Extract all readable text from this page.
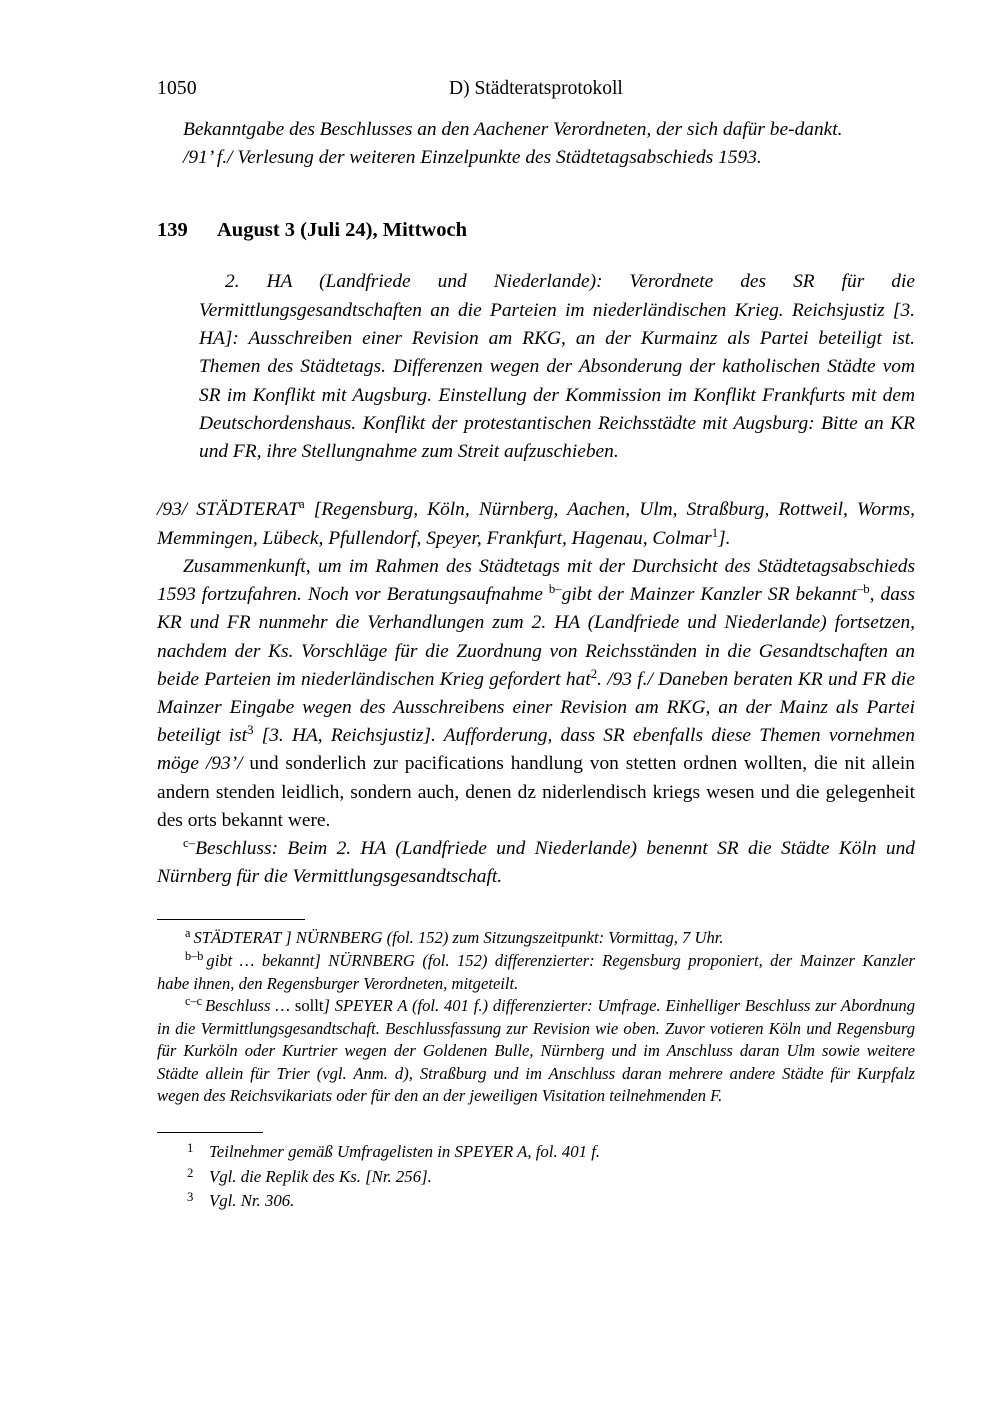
1050	D) Städteratsprotokoll

Bekanntgabe des Beschlusses an den Aachener Verordneten, der sich dafür be-dankt.

/91’ f./ Verlesung der weiteren Einzelpunkte des Städtetagsabschieds 1593.

139 August 3 (Juli 24), Mittwoch

2. HA (Landfriede und Niederlande): Verordnete des SR für die Vermittlungsgesandtschaften an die Parteien im niederländischen Krieg. Reichsjustiz [3. HA]: Ausschreiben einer Revision am RKG, an der Kurmainz als Partei beteiligt ist. Themen des Städtetags. Differenzen wegen der Absonderung der katholischen Städte vom SR im Konflikt mit Augsburg. Einstellung der Kommission im Konflikt Frankfurts mit dem Deutschordenshaus. Konflikt der protestantischen Reichsstädte mit Augsburg: Bitte an KR und FR, ihre Stellungnahme zum Streit aufzuschieben.

/93/ STÄDTERAT$^a$ [Regensburg, Köln, Nürnberg, Aachen, Ulm, Straßburg, Rottweil, Worms, Memmingen, Lübeck, Pfullendorf, Speyer, Frankfurt, Hagenau, Colmar$^1$].

Zusammenkunft, um im Rahmen des Städtetags mit der Durchsicht des Städtetagsabschieds 1593 fortzufahren. Noch vor Beratungsaufnahme $^{b-}$gibt der Mainzer Kanzler SR bekannt$^{-b}$, dass KR und FR nunmehr die Verhandlungen zum 2. HA (Landfriede und Niederlande) fortsetzen, nachdem der Ks. Vorschläge für die Zuordnung von Reichsständen in die Gesandtschaften an beide Parteien im niederländischen Krieg gefordert hat$^2$. /93 f./ Daneben beraten KR und FR die Mainzer Eingabe wegen des Ausschreibens einer Revision am RKG, an der Mainz als Partei beteiligt ist$^3$ [3. HA, Reichsjustiz]. Aufforderung, dass SR ebenfalls diese Themen vornehmen möge /93’/ und sonderlich zur pacifications handlung von stetten ordnen wollten, die nit allein andern stenden leidlich, sondern auch, denen dz niderlendisch kriegs wesen und die gelegenheit des orts bekannt were.

$^{c-}$Beschluss: Beim 2. HA (Landfriede und Niederlande) benennt SR die Städte Köln und Nürnberg für die Vermittlungsgesandtschaft.

$^a$ STÄDTERAT ] NÜRNBERG (fol. 152) zum Sitzungszeitpunkt: Vormittag, 7 Uhr.

$^{b-b}$ gibt … bekannt] NÜRNBERG (fol. 152) differenzierter: Regensburg proponiert, der Mainzer Kanzler habe ihnen, den Regensburger Verordneten, mitgeteilt.

$^{c-c}$ Beschluss … sollt] SPEYER A (fol. 401 f.) differenzierter: Umfrage. Einhelliger Beschluss zur Abordnung in die Vermittlungsgesandtschaft. Beschlussfassung zur Revision wie oben. Zuvor votieren Köln und Regensburg für Kurköln oder Kurtrier wegen der Goldenen Bulle, Nürnberg und im Anschluss daran Ulm sowie weitere Städte allein für Trier (vgl. Anm. d), Straßburg und im Anschluss daran mehrere andere Städte für Kurpfalz wegen des Reichsvikariats oder für den an der jeweiligen Visitation teilnehmenden F.

1 Teilnehmer gemäß Umfragelisten in SPEYER A, fol. 401 f.
2 Vgl. die Replik des Ks. [Nr. 256].
3 Vgl. Nr. 306.
